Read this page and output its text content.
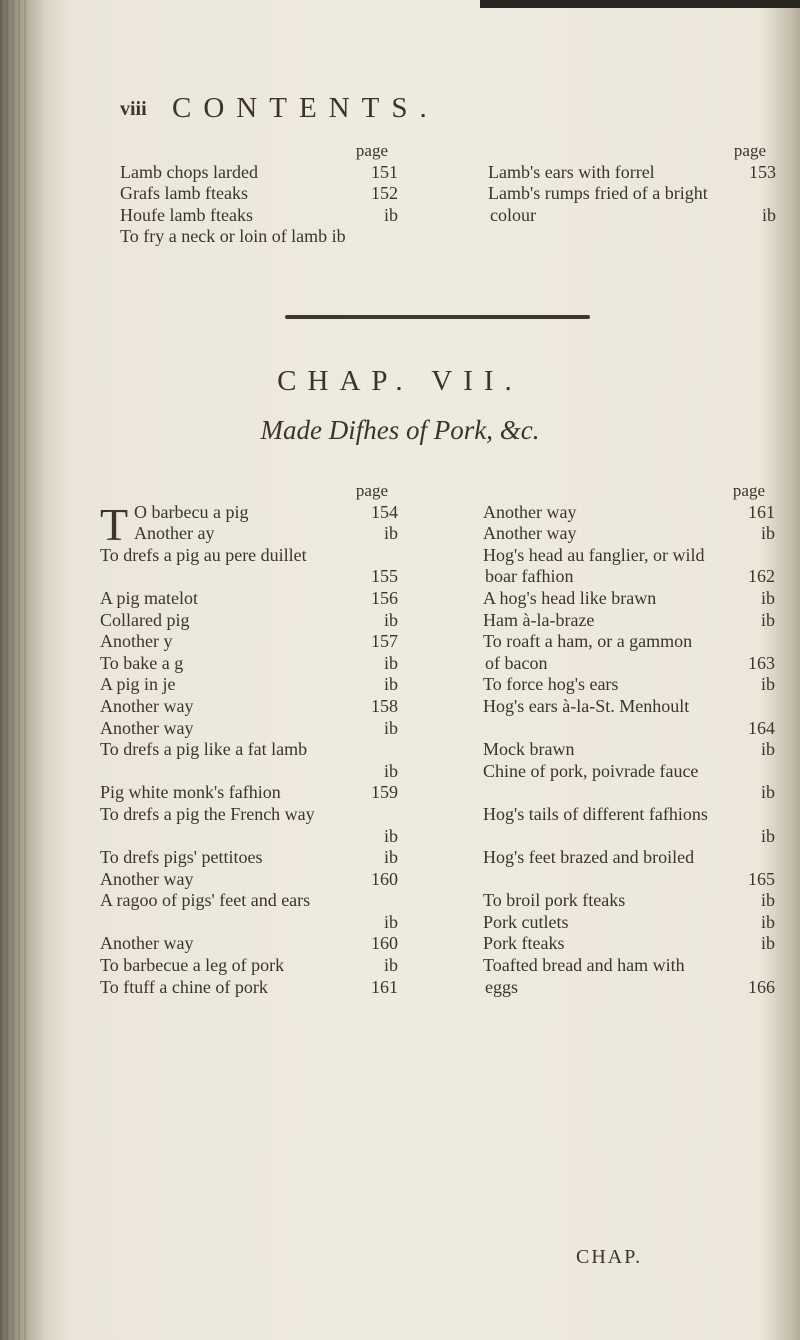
viii CONTENTS.
page
Lamb chops larded	151
Grafs lamb fteaks	152
Houfe lamb fteaks	ib
To fry a neck or loin of lamb ib
page
Lamb's ears with forrel	153
Lamb's rumps fried of a bright
colour	ib
CHAP. VII.
Made Difhes of Pork, &c.
page
O barbecu a pig	154
Another ay	ib
To drefs a pig au pere duillet
155
A pig matelot	156
Collared pig	ib
Another y	157
To bake a g	ib
A pig in je	ib
Another way	158
Another way	ib
To drefs a pig like a fat lamb
ib
Pig white monk's fafhion	159
To drefs a pig the French way
ib
To drefs pigs' pettitoes	ib
Another way	160
A ragoo of pigs' feet and ears
ib
Another way	160
To barbecue a leg of pork	ib
To ftuff a chine of pork	161
T
page
Another way	161
Another way	ib
Hog's head au fanglier, or wild
boar fafhion	162
A hog's head like brawn	ib
Ham à-la-braze	ib
To roaft a ham, or a gammon
of bacon	163
To force hog's ears	ib
Hog's ears à-la-St. Menhoult
164
Mock brawn	ib
Chine of pork, poivrade fauce
ib
Hog's tails of different fafhions
ib
Hog's feet brazed and broiled
165
To broil pork fteaks	ib
Pork cutlets	ib
Pork fteaks	ib
Toafted bread and ham with
eggs	166
CHAP.
